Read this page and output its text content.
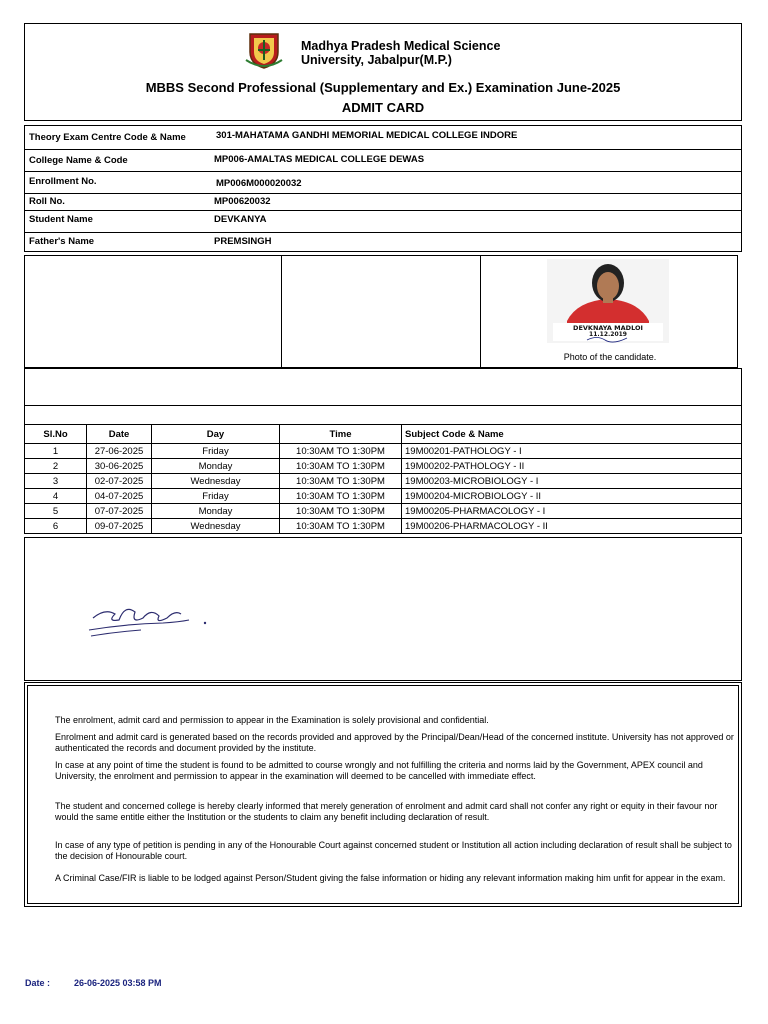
Madhya Pradesh Medical Science
University, Jabalpur(M.P.)
MBBS Second Professional (Supplementary and Ex.) Examination June-2025
ADMIT CARD
Theory Exam Centre Code & Name	301-MAHATAMA GANDHI MEMORIAL MEDICAL COLLEGE INDORE
College Name & Code	MP006-AMALTAS MEDICAL COLLEGE DEWAS
Enrollment No.	MP006M000020032
Roll No.	MP00620032
Student Name	DEVKANYA
Father's Name	PREMSINGH
DEVKNAYA MADLOI
11.12.2019
Photo of the candidate.
Sl.No	Date	Day	Time	Subject Code & Name
1	27-06-2025	Friday	10:30AM TO 1:30PM	19M00201-PATHOLOGY - I
2	30-06-2025	Monday	10:30AM TO 1:30PM	19M00202-PATHOLOGY - II
3	02-07-2025	Wednesday	10:30AM TO 1:30PM	19M00203-MICROBIOLOGY - I
4	04-07-2025	Friday	10:30AM TO 1:30PM	19M00204-MICROBIOLOGY - II
5	07-07-2025	Monday	10:30AM TO 1:30PM	19M00205-PHARMACOLOGY - I
6	09-07-2025	Wednesday	10:30AM TO 1:30PM	19M00206-PHARMACOLOGY - II
The enrolment, admit card and permission to appear in the Examination is solely provisional and confidential.
Enrolment and admit card is generated based on the records provided and approved by the Principal/Dean/Head of the concerned institute. University has not approved or authenticated the records and document provided by the institute.
In case at any point of time the student is found to be admitted to course wrongly and not fulfilling the criteria and norms laid by the Government, APEX council and University, the enrolment and permission to appear in the examination will deemed to be cancelled with immediate effect.
The student and concerned college is hereby clearly informed that merely generation of enrolment and admit card shall not confer any right or equity in their favour nor would the same entitle either the Institution or the students to claim any benefit including declaration of result.
In case of any type of petition is pending in any of the Honourable Court against concerned student or Institution all action including declaration of result shall be subject to the decision of Honourable court.
A Criminal Case/FIR is liable to be lodged against Person/Student giving the false information or hiding any relevant information making him unfit for appear in the exam.
Date :	26-06-2025 03:58 PM
